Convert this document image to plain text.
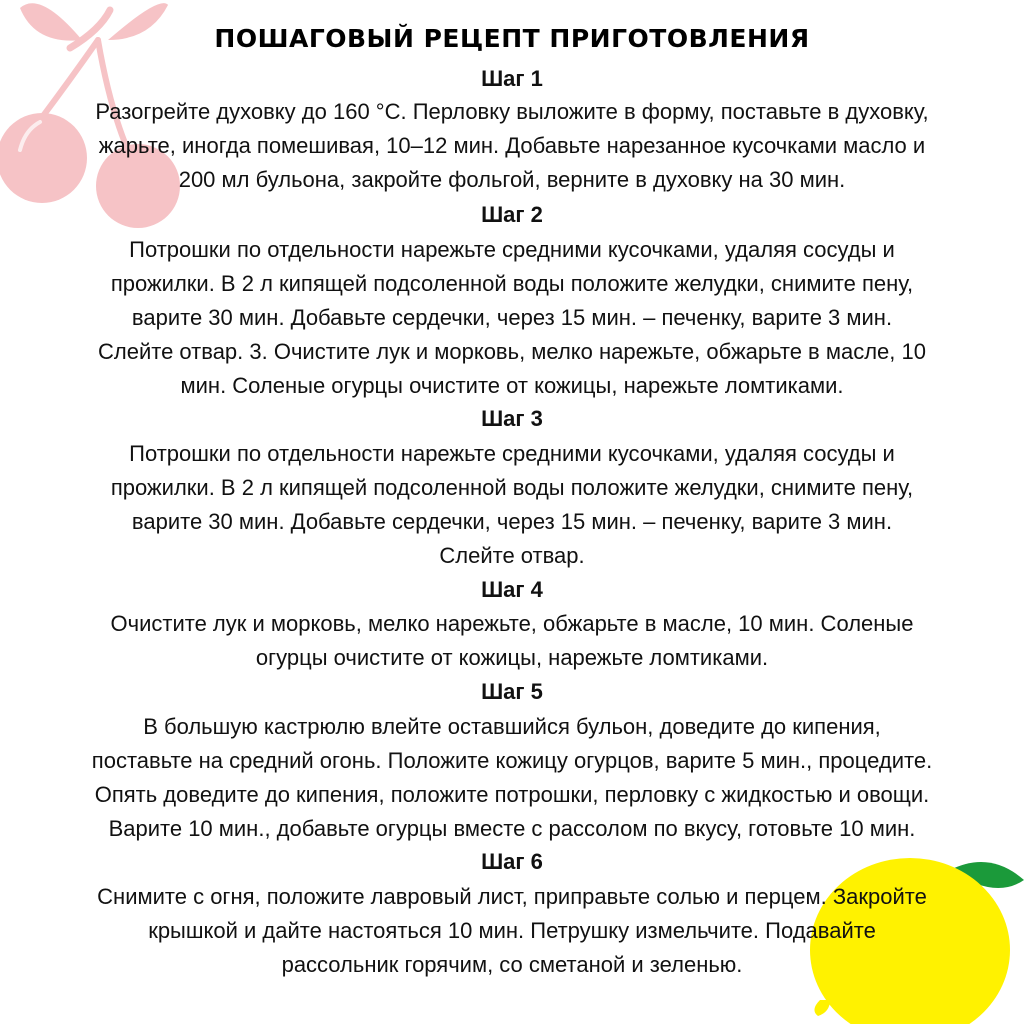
ПОШАГОВЫЙ РЕЦЕПТ ПРИГОТОВЛЕНИЯ
Шаг 1
Разогрейте духовку до 160 °С. Перловку выложите в форму, поставьте в духовку,
жарьте, иногда помешивая, 10–12 мин. Добавьте нарезанное кусочками масло и
200 мл бульона, закройте фольгой, верните в духовку на 30 мин.
Шаг 2
Потрошки по отдельности нарежьте средними кусочками, удаляя сосуды и
прожилки. В 2 л кипящей подсоленной воды положите желудки, снимите пену,
варите 30 мин. Добавьте сердечки, через 15 мин. – печенку, варите 3 мин.
Слейте отвар. 3. Очистите лук и морковь, мелко нарежьте, обжарьте в масле, 10
мин. Соленые огурцы очистите от кожицы, нарежьте ломтиками.
Шаг 3
Потрошки по отдельности нарежьте средними кусочками, удаляя сосуды и
прожилки. В 2 л кипящей подсоленной воды положите желудки, снимите пену,
варите 30 мин. Добавьте сердечки, через 15 мин. – печенку, варите 3 мин.
Слейте отвар.
Шаг 4
Очистите лук и морковь, мелко нарежьте, обжарьте в масле, 10 мин. Соленые
огурцы очистите от кожицы, нарежьте ломтиками.
Шаг 5
В большую кастрюлю влейте оставшийся бульон, доведите до кипения,
поставьте на средний огонь. Положите кожицу огурцов, варите 5 мин., процедите.
Опять доведите до кипения, положите потрошки, перловку с жидкостью и овощи.
Варите 10 мин., добавьте огурцы вместе с рассолом по вкусу, готовьте 10 мин.
Шаг 6
Снимите с огня, положите лавровый лист, приправьте солью и перцем. Закройте
крышкой и дайте настояться 10 мин. Петрушку измельчите. Подавайте
рассольник горячим, со сметаной и зеленью.
